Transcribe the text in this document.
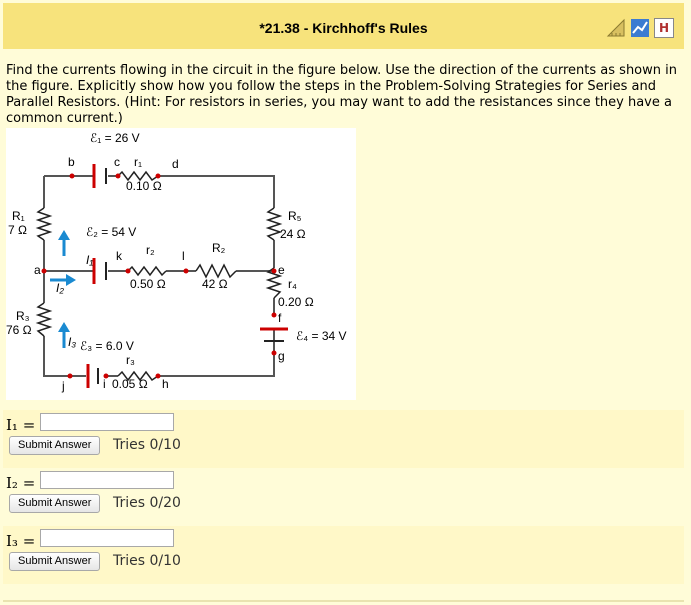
*21.38 - Kirchhoff's Rules	H
Find the currents flowing in the circuit in the figure below. Use the direction of the currents as shown in the figure. Explicitly show how you follow the steps in the Problem-Solving Strategies for Series and Parallel Resistors. (Hint: For resistors in series, you may want to add the resistances since they have a common current.)
ℰ₁ = 26 V
b	c r₁ d
0.10 Ω
R₁
7 Ω	ℰ₂ = 54 V
I₁ k r₂ l
R₂
a
0.50 Ω	42 Ω
I₂
e
R₅
24 Ω
r₄
0.20 Ω
f
ℰ₄ = 34 V
g
R₃
76 Ω
I₃ ℰ₃ = 6.0 V
r₃
j	i 0.05 Ω h
I₁ =
Submit Answer	Tries 0/10
I₂ =
Submit Answer	Tries 0/20
I₃ =
Submit Answer	Tries 0/10
